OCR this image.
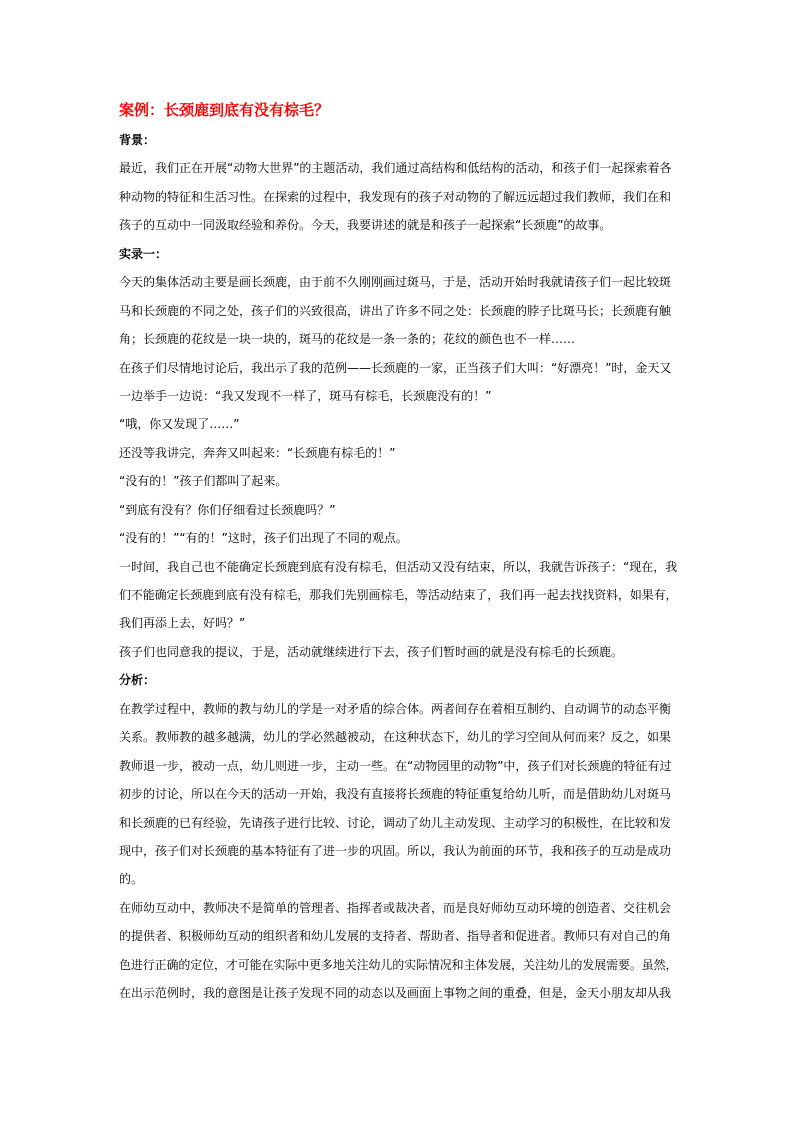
案例：长颈鹿到底有没有棕毛？

背景：

最近，我们正在开展“动物大世界”的主题活动，我们通过高结构和低结构的活动，和孩子们一起探索着各

种动物的特征和生活习性。在探索的过程中，我发现有的孩子对动物的了解远远超过我们教师，我们在和

孩子的互动中一同汲取经验和养份。今天，我要讲述的就是和孩子一起探索“长颈鹿”的故事。

实录一：

今天的集体活动主要是画长颈鹿，由于前不久刚刚画过斑马，于是，活动开始时我就请孩子们一起比较斑

马和长颈鹿的不同之处，孩子们的兴致很高，讲出了许多不同之处：长颈鹿的脖子比斑马长；长颈鹿有触

角；长颈鹿的花纹是一块一块的，斑马的花纹是一条一条的；花纹的颜色也不一样……

在孩子们尽情地讨论后，我出示了我的范例——长颈鹿的一家，正当孩子们大叫：“好漂亮！”时，金天又

一边举手一边说：“我又发现不一样了，斑马有棕毛，长颈鹿没有的！”

“哦，你又发现了……”

还没等我讲完，奔奔又叫起来：“长颈鹿有棕毛的！”

“没有的！”孩子们都叫了起来。

“到底有没有？你们仔细看过长颈鹿吗？”

“没有的！”“有的！”这时，孩子们出现了不同的观点。

一时间，我自己也不能确定长颈鹿到底有没有棕毛，但活动又没有结束，所以，我就告诉孩子：“现在，我

们不能确定长颈鹿到底有没有棕毛，那我们先别画棕毛，等活动结束了，我们再一起去找找资料，如果有，

我们再添上去，好吗？”

孩子们也同意我的提议，于是，活动就继续进行下去，孩子们暂时画的就是没有棕毛的长颈鹿。

分析：

在教学过程中，教师的教与幼儿的学是一对矛盾的综合体。两者间存在着相互制约、自动调节的动态平衡

关系。教师教的越多越满，幼儿的学必然越被动，在这种状态下，幼儿的学习空间从何而来？反之，如果

教师退一步，被动一点，幼儿则进一步，主动一些。在“动物园里的动物”中，孩子们对长颈鹿的特征有过

初步的讨论，所以在今天的活动一开始，我没有直接将长颈鹿的特征重复给幼儿听，而是借助幼儿对斑马

和长颈鹿的已有经验，先请孩子进行比较、讨论，调动了幼儿主动发现、主动学习的积极性，在比较和发

现中，孩子们对长颈鹿的基本特征有了进一步的巩固。所以，我认为前面的环节，我和孩子的互动是成功

的。

在师幼互动中，教师决不是简单的管理者、指挥者或裁决者，而是良好师幼互动环境的创造者、交往机会

的提供者、积极师幼互动的组织者和幼儿发展的支持者、帮助者、指导者和促进者。教师只有对自己的角

色进行正确的定位，才可能在实际中更多地关注幼儿的实际情况和主体发展，关注幼儿的发展需要。虽然，

在出示范例时，我的意图是让孩子发现不同的动态以及画面上事物之间的重叠，但是，金天小朋友却从我
